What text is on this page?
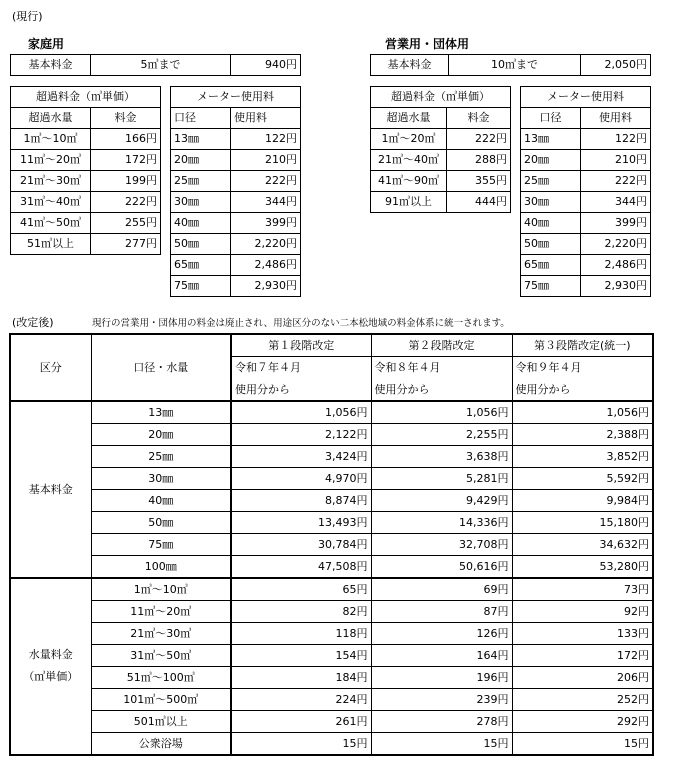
(現行)
家庭用
基本料金	5㎥まで	940円
超過料金（㎥単価）	
超過水量	料金
1㎥～10㎥	166円
11㎥～20㎥	172円
21㎥～30㎥	199円
31㎥～40㎥	222円
41㎥～50㎥	255円
51㎥以上	277円
メーター使用料	
口径	使用料
13㎜	122円
20㎜	210円
25㎜	222円
30㎜	344円
40㎜	399円
50㎜	2,220円
65㎜	2,486円
75㎜	2,930円
営業用・団体用
基本料金	10㎥まで	2,050円
超過料金（㎥単価）	
超過水量	料金
1㎥～20㎥	222円
21㎥～40㎥	288円
41㎥～90㎥	355円
91㎥以上	444円
メーター使用料	
口径	使用料
13㎜	122円
20㎜	210円
25㎜	222円
30㎜	344円
40㎜	399円
50㎜	2,220円
65㎜	2,486円
75㎜	2,930円
(改定後)	現行の営業用・団体用の料金は廃止され、用途区分のない二本松地域の料金体系に統一されます。
区分	口径・水量	第１段階改定	第２段階改定	第３段階改定(統一)
		令和７年４月	令和８年４月	令和９年４月
		使用分から	使用分から	使用分から
基本料金	13㎜	1,056円	1,056円	1,056円
	20㎜	2,122円	2,255円	2,388円
	25㎜	3,424円	3,638円	3,852円
	30㎜	4,970円	5,281円	5,592円
	40㎜	8,874円	9,429円	9,984円
	50㎜	13,493円	14,336円	15,180円
	75㎜	30,784円	32,708円	34,632円
	100㎜	47,508円	50,616円	53,280円

水量料金
（㎥単価）	1㎥～10㎥	65円	69円	73円
	11㎥～20㎥	82円	87円	92円
	21㎥～30㎥	118円	126円	133円
	31㎥～50㎥	154円	164円	172円
	51㎥～100㎥	184円	196円	206円
	101㎥～500㎥	224円	239円	252円
	501㎥以上	261円	278円	292円
	公衆浴場	15円	15円	15円
